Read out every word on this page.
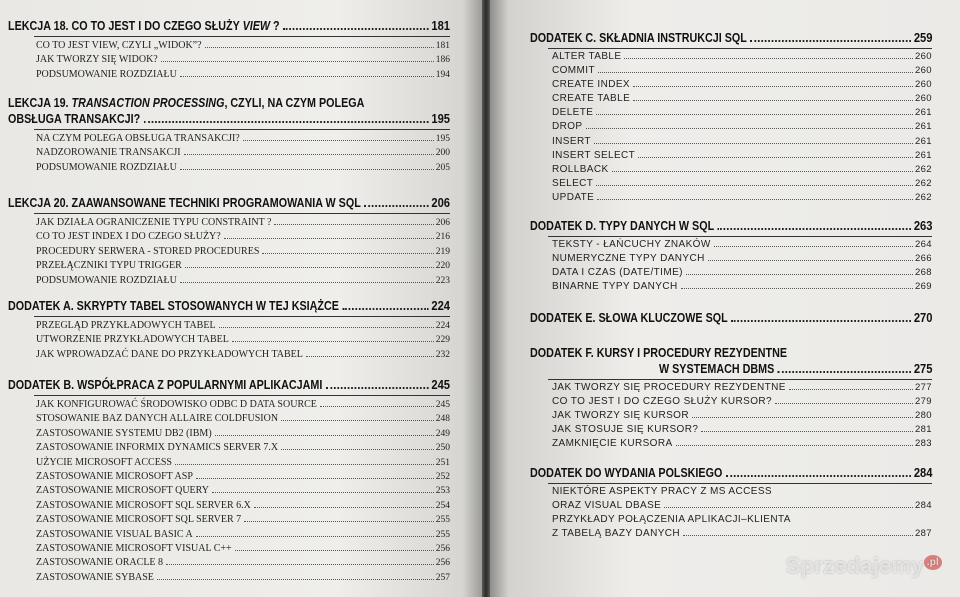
LEKCJA 18. CO TO JEST I DO CZEGO SŁUŻY VIEW ?	181
CO TO JEST VIEW, CZYLI „WIDOK”?	181
JAK TWORZY SIĘ WIDOK?	186
PODSUMOWANIE ROZDZIAŁU	194
LEKCJA 19. TRANSACTION PROCESSING, CZYLI, NA CZYM POLEGA
OBSŁUGA TRANSAKCJI?	195
NA CZYM POLEGA OBSŁUGA TRANSAKCJI?	195
NADZOROWANIE TRANSAKCJI	200
PODSUMOWANIE ROZDZIAŁU	205
LEKCJA 20. ZAAWANSOWANE TECHNIKI PROGRAMOWANIA W SQL	206
JAK DZIAŁA OGRANICZENIE TYPU CONSTRAINT ?	206
CO TO JEST INDEX I DO CZEGO SŁUŻY?	216
PROCEDURY SERWERA - STORED PROCEDURES	219
PRZEŁĄCZNIKI TYPU TRIGGER	220
PODSUMOWANIE ROZDZIAŁU	223
DODATEK A. SKRYPTY TABEL STOSOWANYCH W TEJ KSIĄŻCE	224
PRZEGLĄD PRZYKŁADOWYCH TABEL	224
UTWORZENIE PRZYKŁADOWYCH TABEL	229
JAK WPROWADZAĆ DANE DO PRZYKŁADOWYCH TABEL	232
DODATEK B. WSPÓŁPRACA Z POPULARNYMI APLIKACJAMI	245
JAK KONFIGUROWAĆ ŚRODOWISKO ODBC D DATA SOURCE	245
STOSOWANIE BAZ DANYCH ALLAIRE COLDFUSION	248
ZASTOSOWANIE SYSTEMU DB2 (IBM)	249
ZASTOSOWANIE INFORMIX DYNAMICS SERVER 7.X	250
UŻYCIE MICROSOFT ACCESS	251
ZASTOSOWANIE MICROSOFT ASP	252
ZASTOSOWANIE MICROSOFT QUERY	253
ZASTOSOWANIE MICROSOFT SQL SERVER 6.X	254
ZASTOSOWANIE MICROSOFT SQL SERVER 7	255
ZASTOSOWANIE VISUAL BASIC A	255
ZASTOSOWANIE MICROSOFT VISUAL C++	256
ZASTOSOWANIE ORACLE 8	256
ZASTOSOWANIE SYBASE	257
DODATEK C. SKŁADNIA INSTRUKCJI SQL	259
ALTER TABLE	260
COMMIT	260
CREATE INDEX	260
CREATE TABLE	260
DELETE	261
DROP	261
INSERT	261
INSERT SELECT	261
ROLLBACK	262
SELECT	262
UPDATE	262
DODATEK D. TYPY DANYCH W SQL	263
TEKSTY - ŁAŃCUCHY ZNAKÓW	264
NUMERYCZNE TYPY DANYCH	266
DATA I CZAS (DATE/TIME)	268
BINARNE TYPY DANYCH	269
DODATEK E. SŁOWA KLUCZOWE SQL	270
DODATEK F. KURSY I PROCEDURY REZYDENTNE
W SYSTEMACH DBMS	275
JAK TWORZY SIĘ PROCEDURY REZYDENTNE	277
CO TO JEST I DO CZEGO SŁUŻY KURSOR?	279
JAK TWORZY SIĘ KURSOR	280
JAK STOSUJE SIĘ KURSOR?	281
ZAMKNIĘCIE KURSORA	283
DODATEK DO WYDANIA POLSKIEGO	284
NIEKTÓRE ASPEKTY PRACY Z MS ACCESS
ORAZ VISUAL DBASE	284
PRZYKŁADY POŁĄCZENIA APLIKACJI–KLIENTA
Z TABELĄ BAZY DANYCH	287
Sprzedajemy $^{.pl}$
